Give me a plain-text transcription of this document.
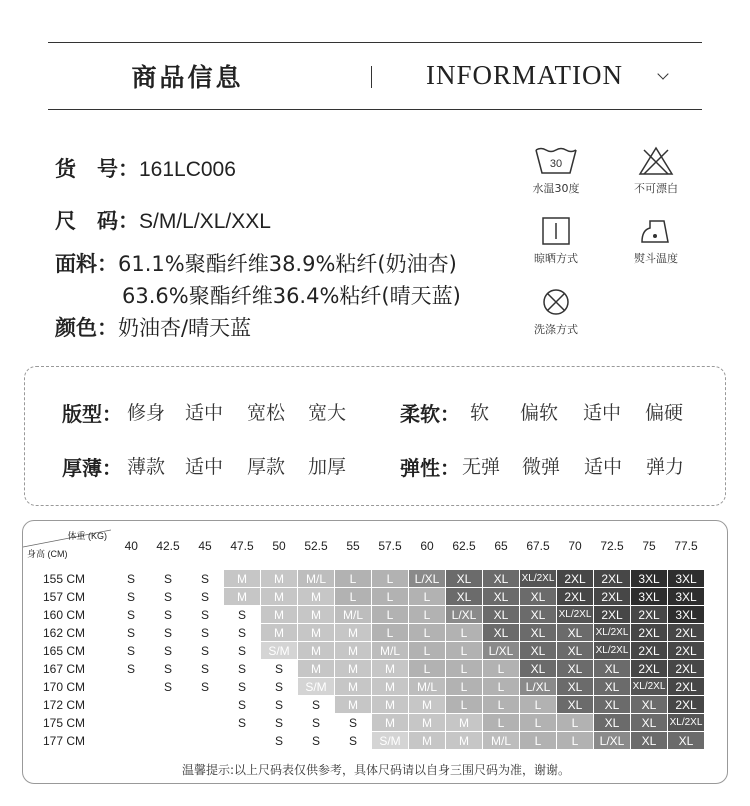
商品信息	INFORMATION
货　号：161LC006
尺　码：S/M/L/XL/XXL
面料：61.1%聚酯纤维38.9%粘纤(奶油杏)
63.6%聚酯纤维36.4%粘纤(晴天蓝)
颜色：奶油杏/晴天蓝
30
水温30度	不可漂白
晾晒方式	熨斗温度
洗涤方式
版型： 修身 适中 宽松 宽大	柔软： 软 偏软 适中 偏硬
厚薄： 薄款 适中 厚款 加厚	弹性： 无弹 微弹 适中 弹力
体重 (KG)
身高 (CM)	40	42.5	45	47.5	50	52.5	55	57.5	60	62.5	65	67.5	70	72.5	75	77.5
155 CM	S	S	S	M	M	M/L	L	L	L/XL	XL	XL	XL/2XL	2XL	2XL	3XL	3XL
157 CM	S	S	S	M	M	M	L	L	L	XL	XL	XL	2XL	2XL	3XL	3XL
160 CM	S	S	S	S	M	M	M/L	L	L	L/XL	XL	XL	XL/2XL	2XL	2XL	3XL
162 CM	S	S	S	S	M	M	M	L	L	L	XL	XL	XL	XL/2XL	2XL	2XL
165 CM	S	S	S	S	S/M	M	M	M/L	L	L	L/XL	XL	XL	XL/2XL	2XL	2XL
167 CM	S	S	S	S	S	M	M	M	L	L	L	XL	XL	XL	2XL	2XL
170 CM		S	S	S	S	S/M	M	M	M/L	L	L	L/XL	XL	XL	XL/2XL	2XL
172 CM				S	S	S	M	M	M	L	L	L	XL	XL	XL	2XL
175 CM				S	S	S	S	M	M	M	L	L	L	XL	XL	XL/2XL
177 CM					S	S	S	S/M	M	M	M/L	L	L	L/XL	XL	XL
温馨提示:以上尺码表仅供参考，具体尺码请以自身三围尺码为准，谢谢。
